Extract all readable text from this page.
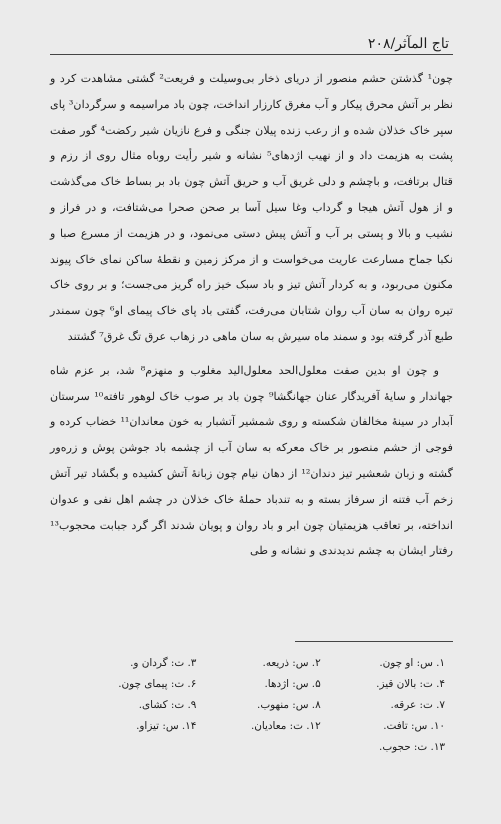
تاج المآثر/۲۰۸

چون¹ گذشتن حشم منصور از دریای ذخار بی‌وسیلت و فریعت² گشتی مشاهدت کرد و نظر بر آتش محرق پیکار و آب مغرق کارزار انداخت، چون باد مراسیمه و سرگردان³ پای سپر خاک خذلان شده و از رعب زنده پیلان جنگی و فرع نازیان شیر رکضت⁴ گور صفت پشت به هزیمت داد و از نهیب اژدهای⁵ نشانه و شیر رأیت روباه مثال روی از رزم و قتال برتافت، و باچشم و دلی غریق آب و حریق آتش چون باد بر بساط خاک می‌گذشت و از هول آتش هیجا و گرداب وغا سیل آسا بر صحن صحرا می‌شتافت، و در فراز و نشیب و بالا و پستی بر آب و آتش پیش دستی می‌نمود، و در هزیمت از مسرع صبا و نکبا جماح مسارعت عاریت می‌خواست و از مرکز زمین و نقطهٔ ساکن نمای خاک پیوند مکنون می‌ربود، و به کردار آتش تیز و باد سبک خیز راه گریز می‌جست؛ و بر روی خاک تیره روان به سان آب روان شتابان می‌رفت، گفتی باد پای خاک پیمای او⁶ چون سمندر طبع آذر گرفته بود و سمند ماه سیرش به سان ماهی در زهاب عرق تگ غرق⁷ گشتند

و چون او بدین صفت معلول‌الحد معلول‌الید مغلوب و منهزم⁸ شد، بر عزم شاه جهاندار و سایهٔ آفریدگار عنان جهانگشا⁹ چون باد بر صوب خاک لوهور تافته¹⁰ سرستان آبدار در سینهٔ مخالفان شکسته و روی شمشیر آتشبار به خون معاندان¹¹ خضاب کرده و فوجی از حشم منصور بر خاک معرکه به سان آب از چشمه باد جوشن پوش و زره‌ور گشته و زبان شعشیر تیز دندان¹² از دهان نیام چون زبانهٔ آتش کشیده و بگشاد تیر آتش زخم آب فتنه از سرفاز بسته و به تندباد حملهٔ خاک خذلان در چشم اهل نفی و عدوان انداخته، بر تعاقب هزیمتیان چون ابر و باد روان و پویان شدند اگر گرد جبابت محجوب¹³ رفتار ایشان به چشم ندیدندی و نشانه و طی

۱. س: او چون.
۲. س: ذریعه.
۳. ت: گردان و.
۴. ت: بالان قیز.
۵. س: اژدها.
۶. ت: پیمای چون.
۷. ت: عرقه.
۸. س: منهوب.
۹. ت: کشای.
۱۰. س: تافت.
۱۲. ت: معادیان.
۱۴. س: تیزاو.
۱۳. ت: حجوب.
